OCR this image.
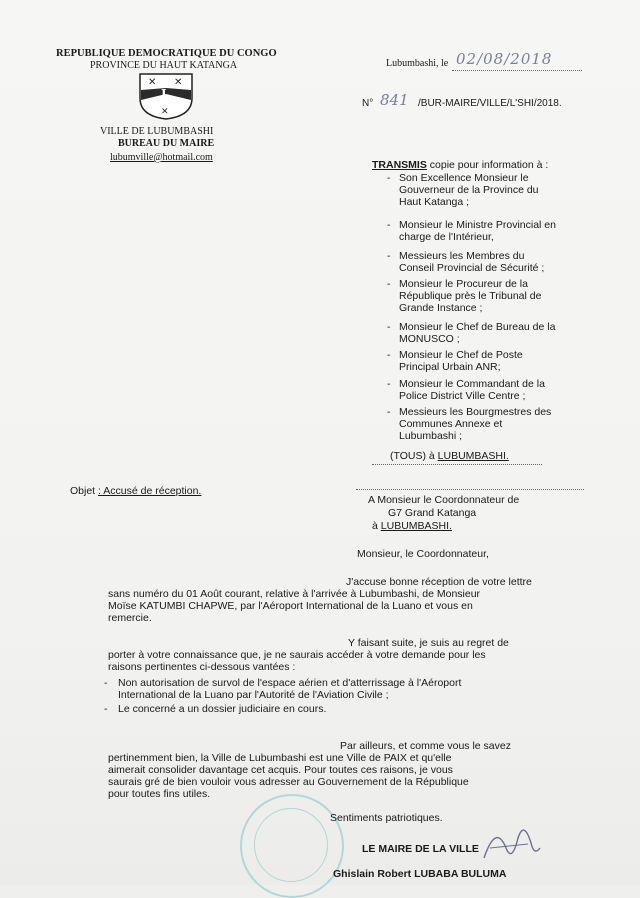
REPUBLIQUE DEMOCRATIQUE DU CONGO
PROVINCE DU HAUT KATANGA
✕ ✕
L
✕
VILLE DE LUBUMBASHI
BUREAU DU MAIRE
lubumville@hotmail.com
Lubumbashi, le 02/08/2018
N° 841 /BUR-MAIRE/VILLE/L'SHI/2018.
TRANSMIS copie pour information à :
- Son Excellence Monsieur le
Gouverneur de la Province du
Haut Katanga ;
- Monsieur le Ministre Provincial en
charge de l'Intérieur,
- Messieurs les Membres du
Conseil Provincial de Sécurité ;
- Monsieur le Procureur de la
République près le Tribunal de
Grande Instance ;
- Monsieur le Chef de Bureau de la
MONUSCO ;
- Monsieur le Chef de Poste
Principal Urbain ANR;
- Monsieur le Commandant de la
Police District Ville Centre ;
- Messieurs les Bourgmestres des
Communes Annexe et
Lubumbashi ;
(TOUS) à LUBUMBASHI.
Objet : Accusé de réception.
A Monsieur le Coordonnateur de
G7 Grand Katanga
à LUBUMBASHI.
Monsieur, le Coordonnateur,
J'accuse bonne réception de votre lettre
sans numéro du 01 Août courant, relative à l'arrivée à Lubumbashi, de Monsieur
Moïse KATUMBI CHAPWE, par l'Aéroport International de la Luano et vous en
remercie.
Y faisant suite, je suis au regret de
porter à votre connaissance que, je ne saurais accéder à votre demande pour les
raisons pertinentes ci-dessous vantées :
- Non autorisation de survol de l'espace aérien et d'atterrissage à l'Aéroport
International de la Luano par l'Autorité de l'Aviation Civile ;
- Le concerné a un dossier judiciaire en cours.
Par ailleurs, et comme vous le savez
pertinemment bien, la Ville de Lubumbashi est une Ville de PAIX et qu'elle
aimerait consolider davantage cet acquis. Pour toutes ces raisons, je vous
saurais gré de bien vouloir vous adresser au Gouvernement de la République
pour toutes fins utiles.
Sentiments patriotiques.
LE MAIRE DE LA VILLE
Ghislain Robert LUBABA BULUMA
